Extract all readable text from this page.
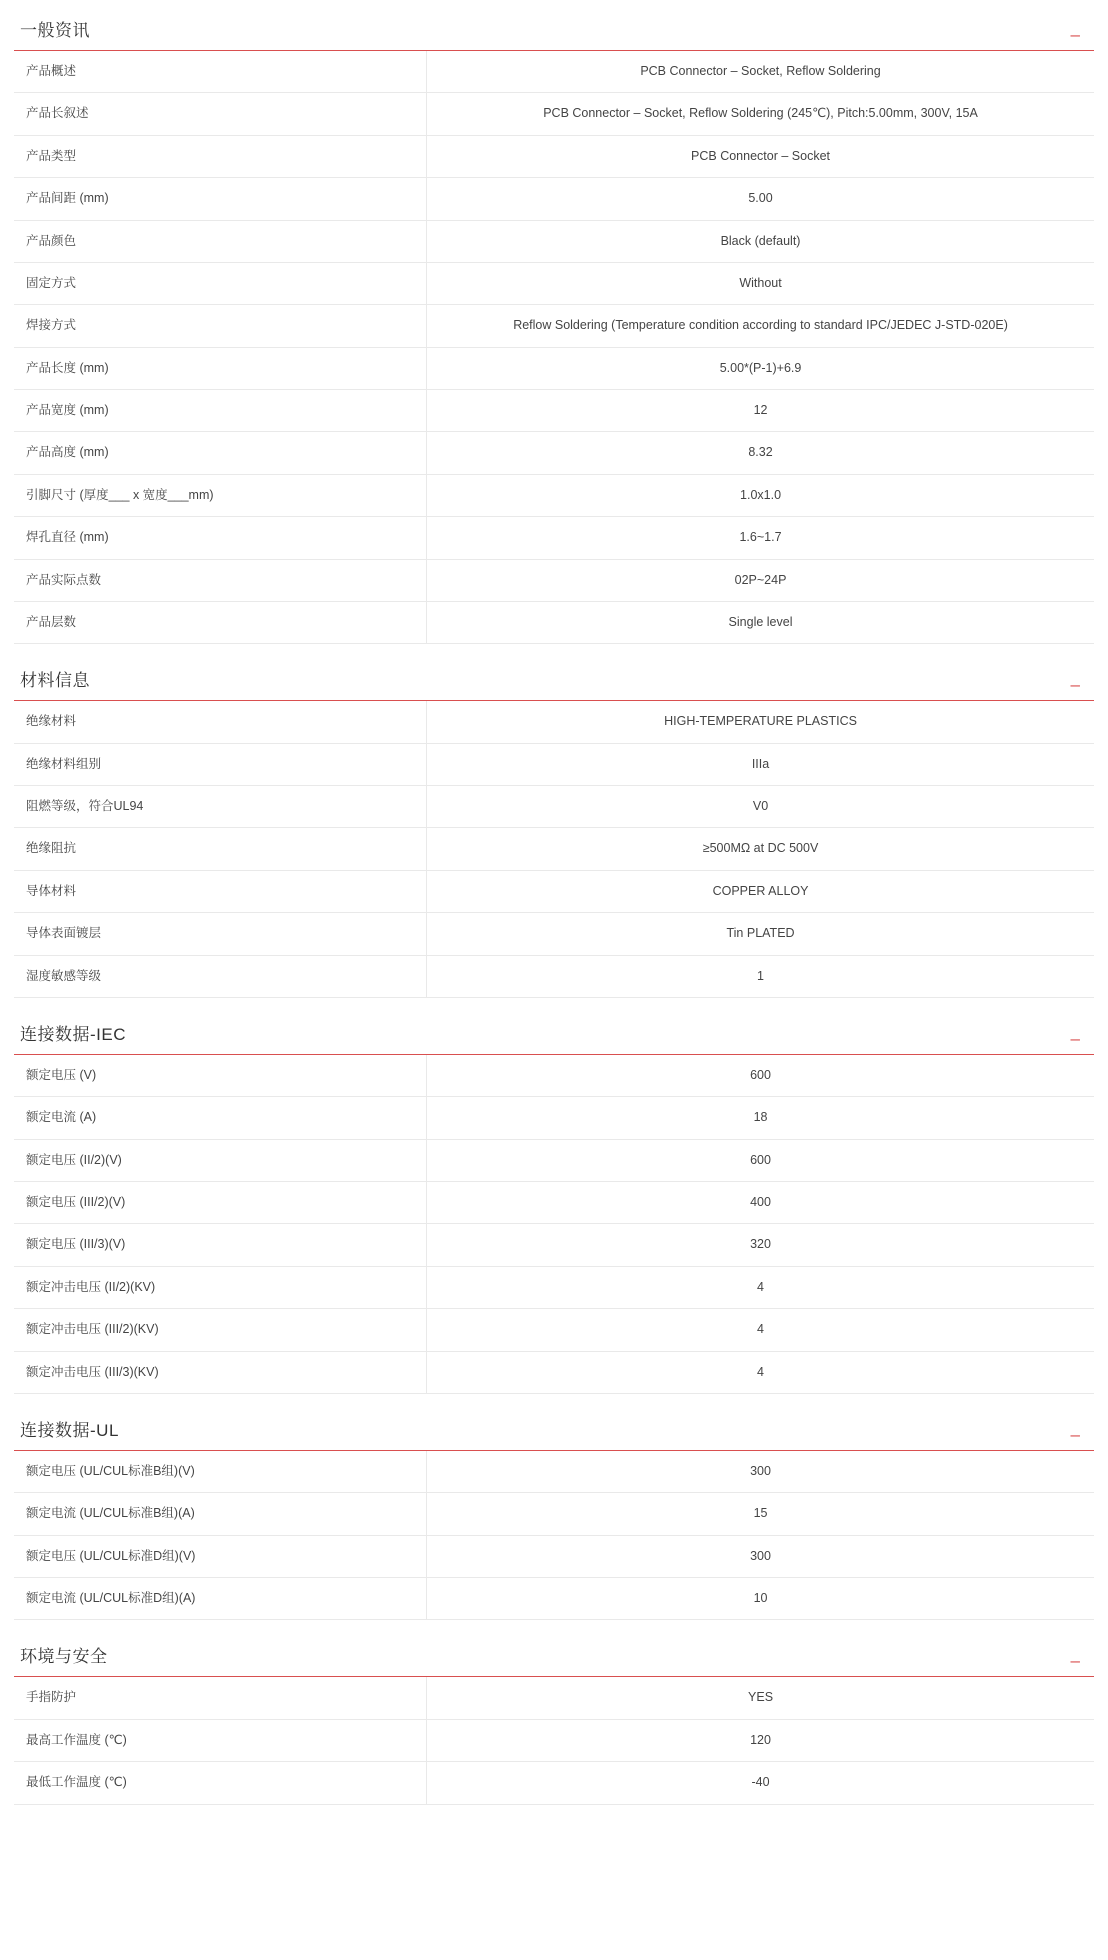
一般资讯	–
产品概述	PCB Connector – Socket, Reflow Soldering
产品长叙述	PCB Connector – Socket, Reflow Soldering (245℃), Pitch:5.00mm, 300V, 15A
产品类型	PCB Connector – Socket
产品间距 (mm)	5.00
产品颜色	Black (default)
固定方式	Without
焊接方式	Reflow Soldering (Temperature condition according to standard IPC/JEDEC J-STD-020E)
产品长度 (mm)	5.00*(P-1)+6.9
产品宽度 (mm)	12
产品高度 (mm)	8.32
引脚尺寸 (厚度___ x 宽度___mm)	1.0x1.0
焊孔直径 (mm)	1.6~1.7
产品实际点数	02P~24P
产品层数	Single level
材料信息	–
绝缘材料	HIGH-TEMPERATURE PLASTICS
绝缘材料组别	IIIa
阻燃等级，符合UL94	V0
绝缘阻抗	≥500MΩ at DC 500V
导体材料	COPPER ALLOY
导体表面镀层	Tin PLATED
湿度敏感等级	1
连接数据-IEC	–
额定电压 (V)	600
额定电流 (A)	18
额定电压 (II/2)(V)	600
额定电压 (III/2)(V)	400
额定电压 (III/3)(V)	320
额定冲击电压 (II/2)(KV)	4
额定冲击电压 (III/2)(KV)	4
额定冲击电压 (III/3)(KV)	4
连接数据-UL	–
额定电压 (UL/CUL标准B组)(V)	300
额定电流 (UL/CUL标准B组)(A)	15
额定电压 (UL/CUL标准D组)(V)	300
额定电流 (UL/CUL标准D组)(A)	10
环境与安全	–
手指防护	YES
最高工作温度 (℃)	120
最低工作温度 (℃)	-40
